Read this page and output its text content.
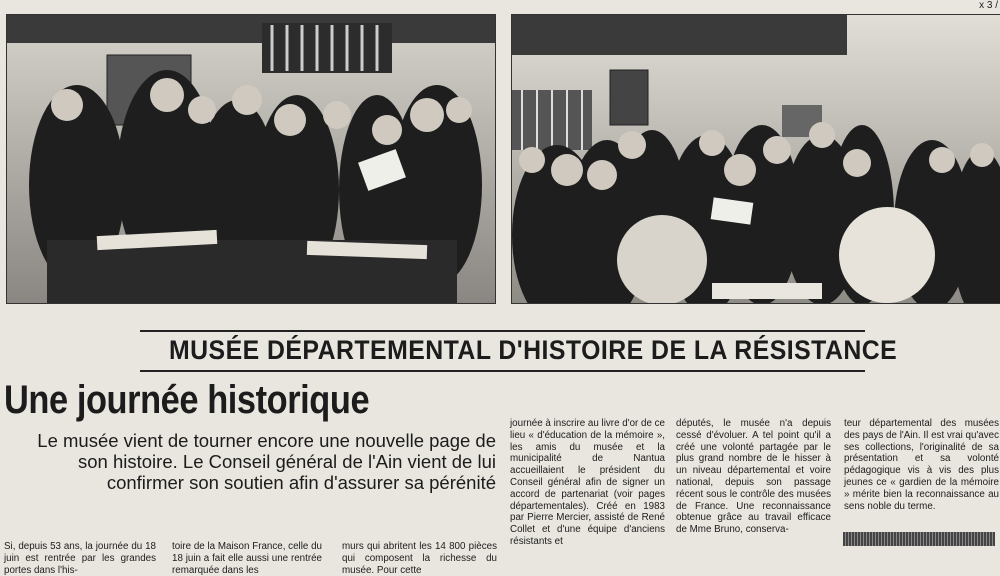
x 3 /
MUSÉE DÉPARTEMENTAL D'HISTOIRE DE LA RÉSISTANCE
Une journée historique
Le musée vient de tourner encore une nouvelle page de son histoire. Le Conseil général de l'Ain vient de lui confirmer son soutien afin d'assurer sa pérénité

Si, depuis 53 ans, la journée du 18 juin est rentrée par les grandes portes dans l'his-

toire de la Maison France, celle du 18 juin a fait elle aussi une rentrée remarquée dans les

murs qui abritent les 14 800 pièces qui composent la richesse du musée. Pour cette

journée à inscrire au livre d'or de ce lieu « d'éducation de la mémoire », les amis du musée et la municipalité de Nantua accueillaient le président du Conseil général afin de signer un accord de partenariat (voir pages départementales). Créé en 1983 par Pierre Mercier, assisté de René Collet et d'une équipe d'anciens résistants et

députés, le musée n'a depuis cessé d'évoluer. A tel point qu'il a créé une volonté partagée par le plus grand nombre de le hisser à un niveau départemental et voire national, depuis son passage récent sous le contrôle des musées de France. Une reconnaissance obtenue grâce au travail efficace de Mme Bruno, conserva-

teur départemental des musées des pays de l'Ain. Il est vrai qu'avec ses collections, l'originalité de sa présentation et sa volonté pédagogique vis à vis des plus jeunes ce « gardien de la mémoire » mérite bien la reconnaissance au sens noble du terme.
